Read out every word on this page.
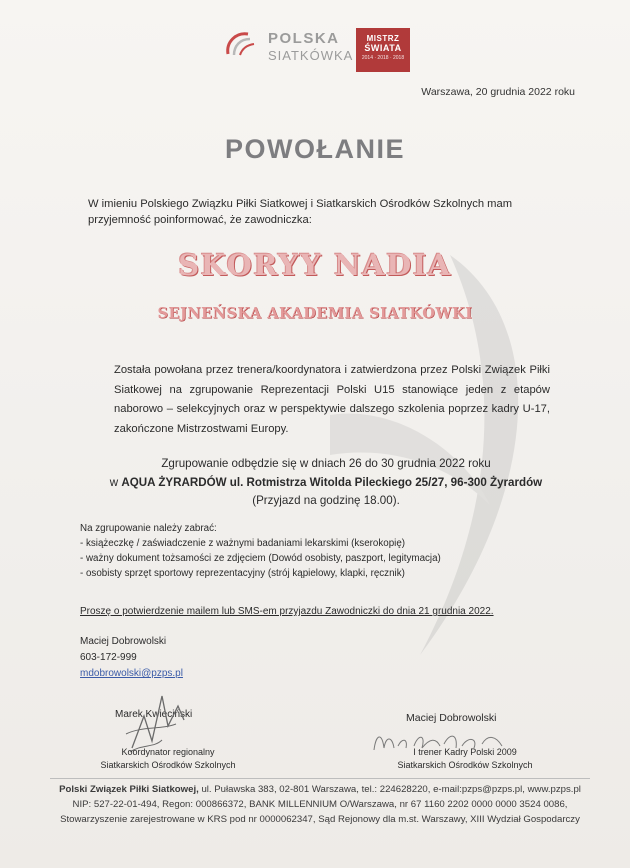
POLSKA
SIATKÓWKA
MISTRZ
ŚWIATA
2014 · 2018 · 2018
Warszawa, 20 grudnia 2022 roku
POWOŁANIE
W imieniu Polskiego Związku Piłki Siatkowej i Siatkarskich Ośrodków Szkolnych mam przyjemność poinformować, że zawodniczka:
SKORYY NADIA
SEJNEŃSKA AKADEMIA SIATKÓWKI
Została powołana przez trenera/koordynatora i zatwierdzona przez Polski Związek Piłki Siatkowej na zgrupowanie Reprezentacji Polski U15 stanowiące jeden z etapów naborowo – selekcyjnych oraz w perspektywie dalszego szkolenia poprzez kadry U-17, zakończone Mistrzostwami Europy.
Zgrupowanie odbędzie się w dniach 26 do 30 grudnia 2022 roku
w AQUA ŻYRARDÓW ul. Rotmistrza Witolda Pileckiego 25/27, 96-300 Żyrardów
(Przyjazd na godzinę 18.00).
Na zgrupowanie należy zabrać:
- książeczkę / zaświadczenie z ważnymi badaniami lekarskimi (kserokopię)
- ważny dokument tożsamości ze zdjęciem (Dowód osobisty, paszport, legitymacja)
- osobisty sprzęt sportowy reprezentacyjny (strój kąpielowy, klapki, ręcznik)
Proszę o potwierdzenie mailem lub SMS-em przyjazdu Zawodniczki do dnia 21 grudnia 2022.
Maciej Dobrowolski
603-172-999
mdobrowolski@pzps.pl
Marek Kwieciński
Koordynator regionalny
Siatkarskich Ośrodków Szkolnych
Maciej Dobrowolski
I trener Kadry Polski 2009
Siatkarskich Ośrodków Szkolnych
Polski Związek Piłki Siatkowej, ul. Puławska 383, 02-801 Warszawa, tel.: 224628220, e-mail:pzps@pzps.pl, www.pzps.pl
NIP: 527-22-01-494, Regon: 000866372, BANK MILLENNIUM O/Warszawa, nr 67 1160 2202 0000 0000 3524 0086,
Stowarzyszenie zarejestrowane w KRS pod nr 0000062347, Sąd Rejonowy dla m.st. Warszawy, XIII Wydział Gospodarczy
